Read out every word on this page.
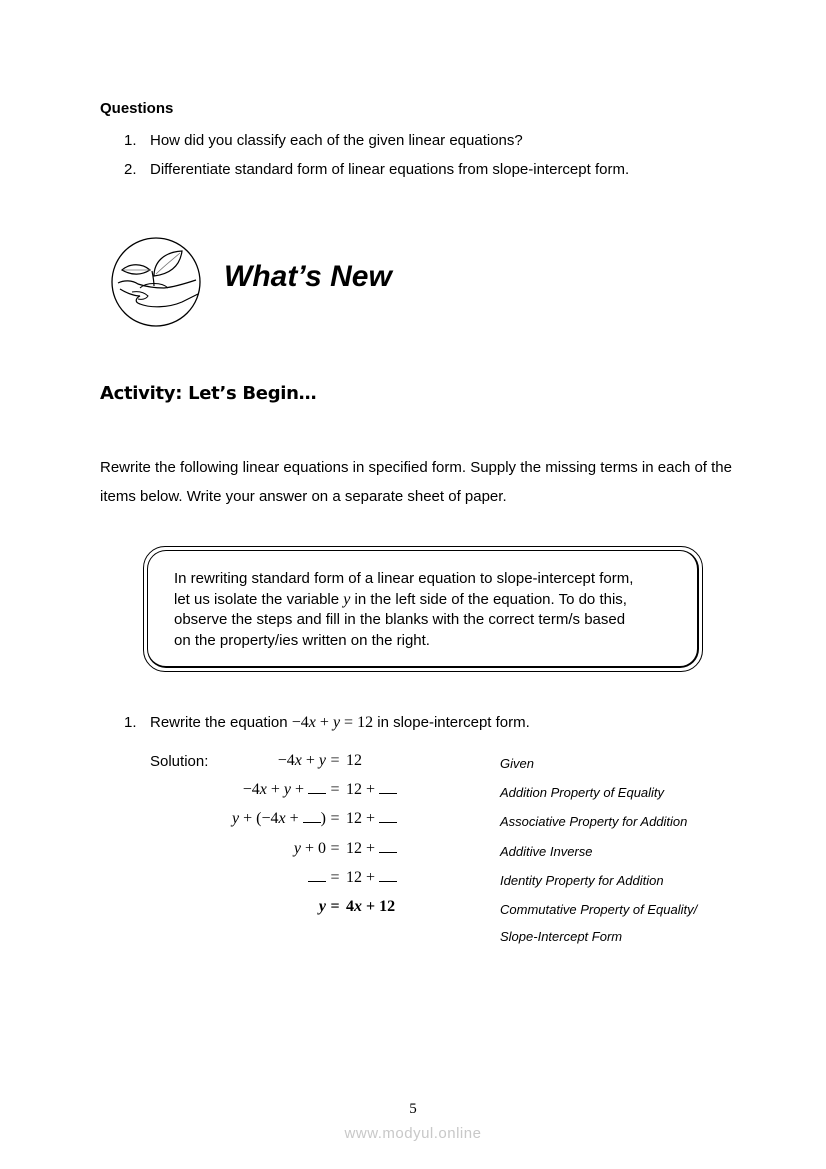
Questions
1. How did you classify each of the given linear equations?
2. Differentiate standard form of linear equations from slope-intercept form.
What’s New
Activity: Let’s Begin…
Rewrite the following linear equations in specified form. Supply the missing terms in each of the items below. Write your answer on a separate sheet of paper.
In rewriting standard form of a linear equation to slope-intercept form,
let us isolate the variable y in the left side of the equation. To do this,
observe the steps and fill in the blanks with the correct term/s based
on the property/ies written on the right.
1. Rewrite the equation −4x + y = 12 in slope-intercept form.
Solution:	−4x + y = 12
−4x + y +	= 12 +
y + (−4x + ) = 12 +
y + 0 = 12 +
= 12 +
y = 4x + 12
Given
Addition Property of Equality
Associative Property for Addition
Additive Inverse
Identity Property for Addition
Commutative Property of Equality/
Slope-Intercept Form
5
www.modyul.online
